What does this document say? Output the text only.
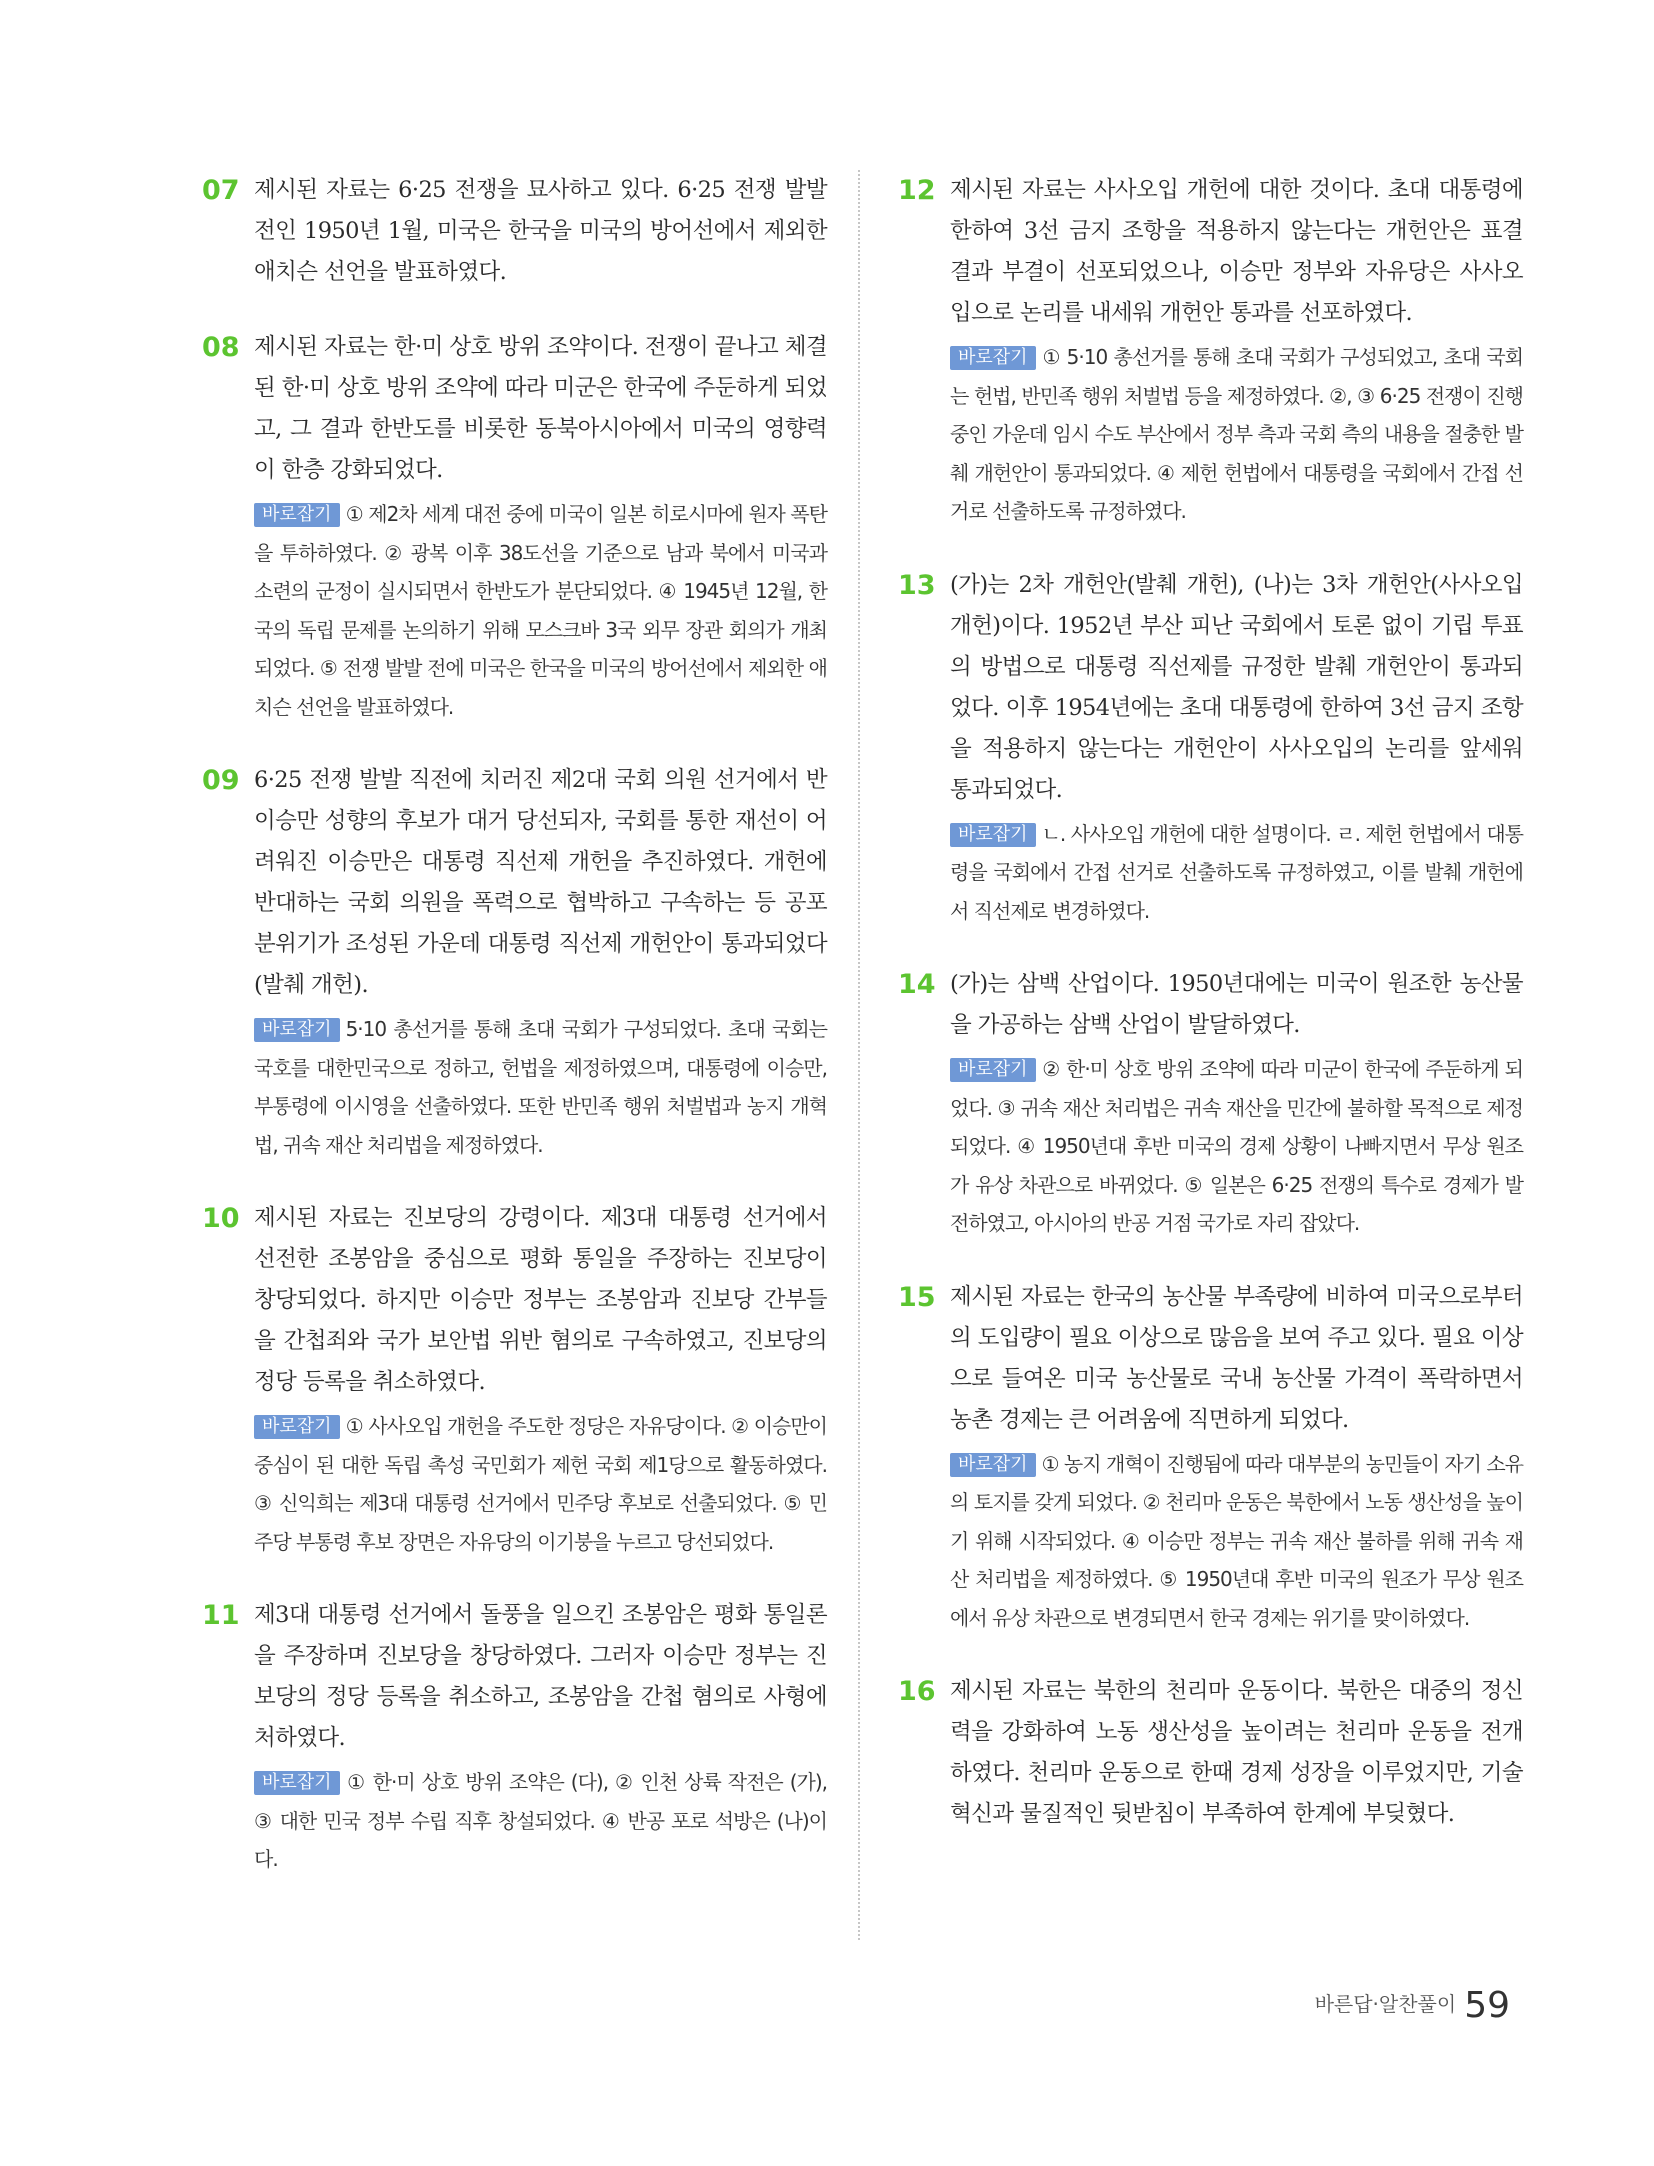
07 제시된 자료는 6·25 전쟁을 묘사하고 있다. 6·25 전쟁 발발 전인 1950년 1월, 미국은 한국을 미국의 방어선에서 제외한 애치슨 선언을 발표하였다.
08 제시된 자료는 한·미 상호 방위 조약이다. 전쟁이 끝나고 체결된 한·미 상호 방위 조약에 따라 미군은 한국에 주둔하게 되었고, 그 결과 한반도를 비롯한 동북아시아에서 미국의 영향력이 한층 강화되었다.
바로잡기 ① 제2차 세계 대전 중에 미국이 일본 히로시마에 원자 폭탄을 투하하였다. ② 광복 이후 38도선을 기준으로 남과 북에서 미국과 소련의 군정이 실시되면서 한반도가 분단되었다. ④ 1945년 12월, 한국의 독립 문제를 논의하기 위해 모스크바 3국 외무 장관 회의가 개최되었다. ⑤ 전쟁 발발 전에 미국은 한국을 미국의 방어선에서 제외한 애치슨 선언을 발표하였다.
09 6·25 전쟁 발발 직전에 치러진 제2대 국회 의원 선거에서 반이승만 성향의 후보가 대거 당선되자, 국회를 통한 재선이 어려워진 이승만은 대통령 직선제 개헌을 추진하였다. 개헌에 반대하는 국회 의원을 폭력으로 협박하고 구속하는 등 공포 분위기가 조성된 가운데 대통령 직선제 개헌안이 통과되었다(발췌 개헌).
바로잡기 5·10 총선거를 통해 초대 국회가 구성되었다. 초대 국회는 국호를 대한민국으로 정하고, 헌법을 제정하였으며, 대통령에 이승만, 부통령에 이시영을 선출하였다. 또한 반민족 행위 처벌법과 농지 개혁법, 귀속 재산 처리법을 제정하였다.
10 제시된 자료는 진보당의 강령이다. 제3대 대통령 선거에서 선전한 조봉암을 중심으로 평화 통일을 주장하는 진보당이 창당되었다. 하지만 이승만 정부는 조봉암과 진보당 간부들을 간첩죄와 국가 보안법 위반 혐의로 구속하였고, 진보당의 정당 등록을 취소하였다.
바로잡기 ① 사사오입 개헌을 주도한 정당은 자유당이다. ② 이승만이 중심이 된 대한 독립 촉성 국민회가 제헌 국회 제1당으로 활동하였다. ③ 신익희는 제3대 대통령 선거에서 민주당 후보로 선출되었다. ⑤ 민주당 부통령 후보 장면은 자유당의 이기붕을 누르고 당선되었다.
11 제3대 대통령 선거에서 돌풍을 일으킨 조봉암은 평화 통일론을 주장하며 진보당을 창당하였다. 그러자 이승만 정부는 진보당의 정당 등록을 취소하고, 조봉암을 간첩 혐의로 사형에 처하였다.
바로잡기 ① 한·미 상호 방위 조약은 (다), ② 인천 상륙 작전은 (가), ③ 대한 민국 정부 수립 직후 창설되었다. ④ 반공 포로 석방은 (나)이다.
12 제시된 자료는 사사오입 개헌에 대한 것이다. 초대 대통령에 한하여 3선 금지 조항을 적용하지 않는다는 개헌안은 표결 결과 부결이 선포되었으나, 이승만 정부와 자유당은 사사오입으로 논리를 내세워 개헌안 통과를 선포하였다.
바로잡기 ① 5·10 총선거를 통해 초대 국회가 구성되었고, 초대 국회는 헌법, 반민족 행위 처벌법 등을 제정하였다. ②, ③ 6·25 전쟁이 진행 중인 가운데 임시 수도 부산에서 정부 측과 국회 측의 내용을 절충한 발췌 개헌안이 통과되었다. ④ 제헌 헌법에서 대통령을 국회에서 간접 선거로 선출하도록 규정하였다.
13 (가)는 2차 개헌안(발췌 개헌), (나)는 3차 개헌안(사사오입 개헌)이다. 1952년 부산 피난 국회에서 토론 없이 기립 투표의 방법으로 대통령 직선제를 규정한 발췌 개헌안이 통과되었다. 이후 1954년에는 초대 대통령에 한하여 3선 금지 조항을 적용하지 않는다는 개헌안이 사사오입의 논리를 앞세워 통과되었다.
바로잡기 ㄴ. 사사오입 개헌에 대한 설명이다. ㄹ. 제헌 헌법에서 대통령을 국회에서 간접 선거로 선출하도록 규정하였고, 이를 발췌 개헌에서 직선제로 변경하였다.
14 (가)는 삼백 산업이다. 1950년대에는 미국이 원조한 농산물을 가공하는 삼백 산업이 발달하였다.
바로잡기 ② 한·미 상호 방위 조약에 따라 미군이 한국에 주둔하게 되었다. ③ 귀속 재산 처리법은 귀속 재산을 민간에 불하할 목적으로 제정되었다. ④ 1950년대 후반 미국의 경제 상황이 나빠지면서 무상 원조가 유상 차관으로 바뀌었다. ⑤ 일본은 6·25 전쟁의 특수로 경제가 발전하였고, 아시아의 반공 거점 국가로 자리 잡았다.
15 제시된 자료는 한국의 농산물 부족량에 비하여 미국으로부터의 도입량이 필요 이상으로 많음을 보여 주고 있다. 필요 이상으로 들여온 미국 농산물로 국내 농산물 가격이 폭락하면서 농촌 경제는 큰 어려움에 직면하게 되었다.
바로잡기 ① 농지 개혁이 진행됨에 따라 대부분의 농민들이 자기 소유의 토지를 갖게 되었다. ② 천리마 운동은 북한에서 노동 생산성을 높이기 위해 시작되었다. ④ 이승만 정부는 귀속 재산 불하를 위해 귀속 재산 처리법을 제정하였다. ⑤ 1950년대 후반 미국의 원조가 무상 원조에서 유상 차관으로 변경되면서 한국 경제는 위기를 맞이하였다.
16 제시된 자료는 북한의 천리마 운동이다. 북한은 대중의 정신력을 강화하여 노동 생산성을 높이려는 천리마 운동을 전개하였다. 천리마 운동으로 한때 경제 성장을 이루었지만, 기술 혁신과 물질적인 뒷받침이 부족하여 한계에 부딪혔다.
바른답·알찬풀이 59
